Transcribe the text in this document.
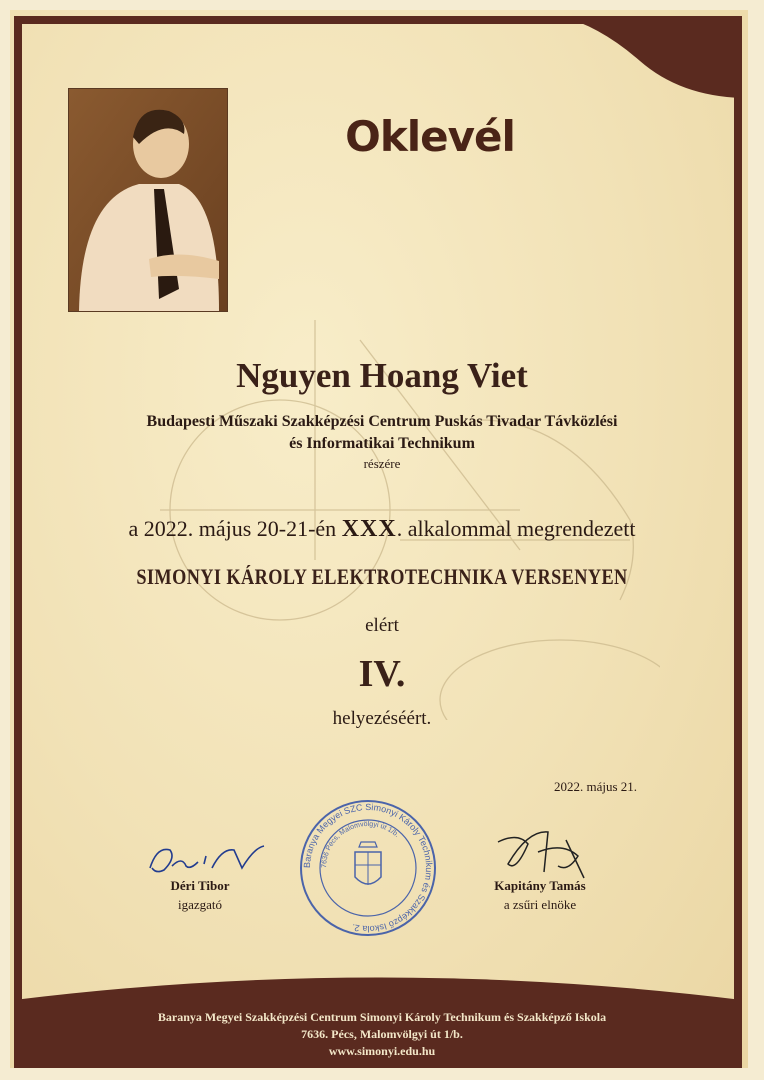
Oklevél
Nguyen Hoang Viet
Budapesti Műszaki Szakképzési Centrum Puskás Tivadar Távközlési
és Informatikai Technikum
részére
a 2022. május 20-21-én XXX. alkalommal megrendezett
SIMONYI KÁROLY ELEKTROTECHNIKA VERSENYEN
elért
IV.
helyezéséért.
2022. május 21.
Déri Tibor
igazgató
Kapitány Tamás
a zsűri elnöke
Baranya Megyei SZC Simonyi Károly Technikum és Szakképző Iskola 2.
7636 Pécs, Malomvölgyi út 1/b.
Baranya Megyei Szakképzési Centrum Simonyi Károly Technikum és Szakképző Iskola
7636. Pécs, Malomvölgyi út 1/b.
www.simonyi.edu.hu
